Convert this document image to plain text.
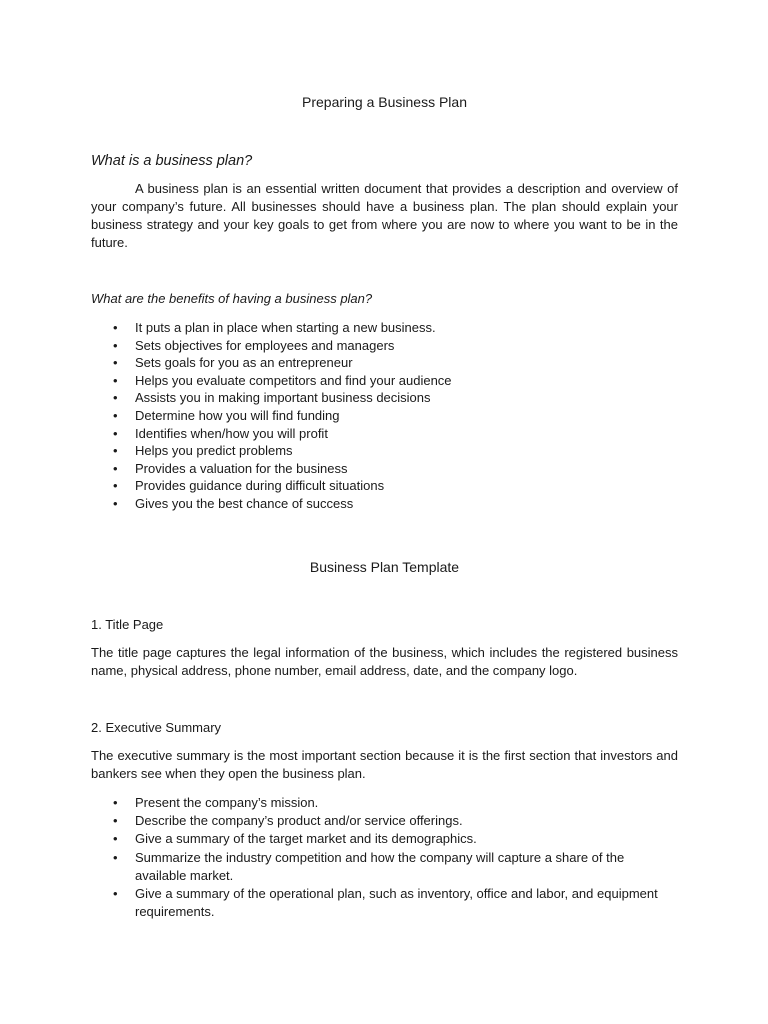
Preparing a Business Plan
What is a business plan?

A business plan is an essential written document that provides a description and overview of your company’s future. All businesses should have a business plan. The plan should explain your business strategy and your key goals to get from where you are now to where you want to be in the future.

What are the benefits of having a business plan?
• It puts a plan in place when starting a new business.
• Sets objectives for employees and managers
• Sets goals for you as an entrepreneur
• Helps you evaluate competitors and find your audience
• Assists you in making important business decisions
• Determine how you will find funding
• Identifies when/how you will profit
• Helps you predict problems
• Provides a valuation for the business
• Provides guidance during difficult situations
• Gives you the best chance of success
Business Plan Template
1. Title Page

The title page captures the legal information of the business, which includes the registered business name, physical address, phone number, email address, date, and the company logo.

2. Executive Summary

The executive summary is the most important section because it is the first section that investors and bankers see when they open the business plan.

• Present the company’s mission.
• Describe the company’s product and/or service offerings.
• Give a summary of the target market and its demographics.
• Summarize the industry competition and how the company will capture a share of the available market.
• Give a summary of the operational plan, such as inventory, office and labor, and equipment requirements.
